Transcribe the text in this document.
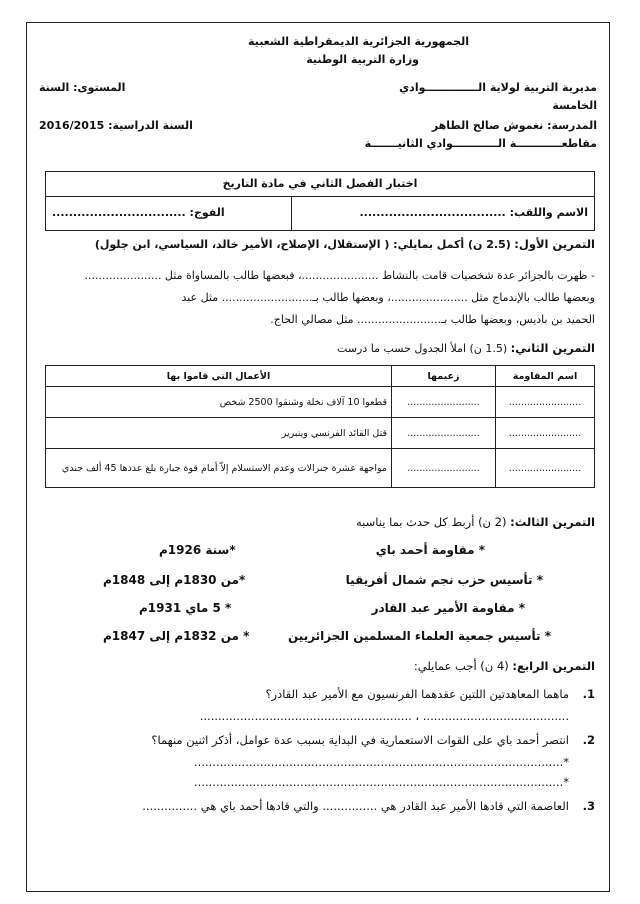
الجمهورية الجزائرية الديمقراطية الشعبية
وزارة التربية الوطنية
مديرية التربية لولاية الــــــــــــــوادي
المستوى: السنة
الخامسة
المدرسة: نغموش صالح الطاهر
السنة الدراسية: 2016/2015
مقاطعــــــــــــة الــــــــــــوادي الثانيـــــــة
اختبار الفصل الثاني في مادة التاريخ
الاسم واللقب: ...................................
الفوج: ................................
التمرين الأول: (2.5 ن) أكمل بمايلي: ( الإستقلال، الإصلاح، الأمير خالد، السياسي، ابن جلول)
- ظهرت بالجزائر عدة شخصيات قامت بالنشاط ......................، فبعضها طالب بالمساواة مثل ......................
وبعضها طالب بالإندماج مثل ......................، وبعضها طالب بـ.......................... مثل عبد
الحميد بن باديس، وبعضها طالب بـ........................ مثل مصالي الحاج.
التمرين الثاني: (1.5 ن) املأ الجدول حسب ما درست
اسم المقاومة	زعيمها	الأعمال التي قاموا بها
........................	........................	قطعوا 10 آلاف نخلة وشنقوا 2500 شخص
........................	........................	قتل القائد الفرنسي وينبرير
........................	........................	مواجهة عشرة جنرالات وعدم الاستسلام إلاّ أمام قوة جبارة بلغ عددها 45 ألف جندي
التمرين الثالث: (2 ن) أربط كل حدث بما يناسبه
* مقاومة أحمد باي
* تأسيس حزب نجم شمال أفريقيا
* مقاومة الأمير عبد القادر
* تأسيس جمعية العلماء المسلمين الجزائريين
*سنة 1926م
*من 1830م إلى 1848م
* 5 ماي 1931م
* من 1832م إلى 1847م
التمرين الرابع: (4 ن) أجب عمايلي:
1.
ماهما المعاهدتين اللتين عقدهما الفرنسيون مع الأمير عبد القادر؟
........................................ ، ..........................................................
2.
انتصر أحمد باي على القوات الاستعمارية في البداية بسبب عدة عوامل، أذكر اثنين منهما؟
*.....................................................................................................
*.....................................................................................................
3.
العاصمة التي قادها الأمير عبد القادر هي ............... والتي قادها أحمد باي هي ...............
